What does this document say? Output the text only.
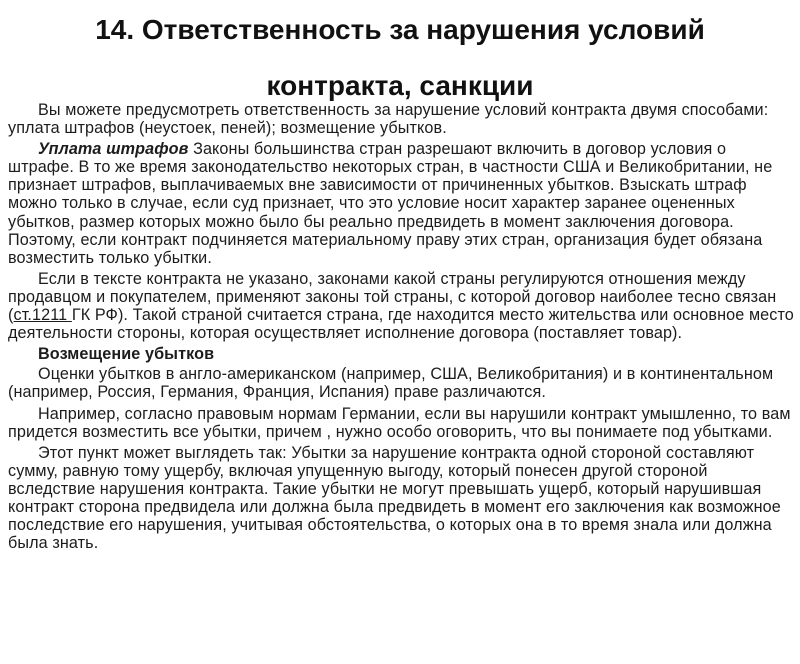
14. Ответственность за нарушения условий
контракта, санкции

Вы можете предусмотреть ответственность за нарушение условий контракта двумя способами: уплата штрафов (неустоек, пеней); возмещение убытков.

Уплата штрафов Законы большинства стран разрешают включить в договор условия о штрафе. В то же время законодательство некоторых стран, в частности США и Великобритании, не признает штрафов, выплачиваемых вне зависимости от причиненных убытков. Взыскать штраф можно только в случае, если суд признает, что это условие носит характер заранее оцененных убытков, размер которых можно было бы реально предвидеть в момент заключения договора. Поэтому, если контракт подчиняется материальному праву этих стран, организация будет обязана возместить только убытки.

Если в тексте контракта не указано, законами какой страны регулируются отношения между продавцом и покупателем, применяют законы той страны, с которой договор наиболее тесно связан (ст.1211 ГК РФ). Такой страной считается страна, где находится место жительства или основное место деятельности стороны, которая осуществляет исполнение договора (поставляет товар).

Возмещение убытков

Оценки убытков в англо-американском (например, США, Великобритания) и в континентальном (например, Россия, Германия, Франция, Испания) праве различаются.

Например, согласно правовым нормам Германии, если вы нарушили контракт умышленно, то вам придется возместить все убытки, причем , нужно особо оговорить, что вы понимаете под убытками.

Этот пункт может выглядеть так: Убытки за нарушение контракта одной стороной составляют сумму, равную тому ущербу, включая упущенную выгоду, который понесен другой стороной вследствие нарушения контракта. Такие убытки не могут превышать ущерб, который нарушившая контракт сторона предвидела или должна была предвидеть в момент его заключения как возможное последствие его нарушения, учитывая обстоятельства, о которых она в то время знала или должна была знать.
